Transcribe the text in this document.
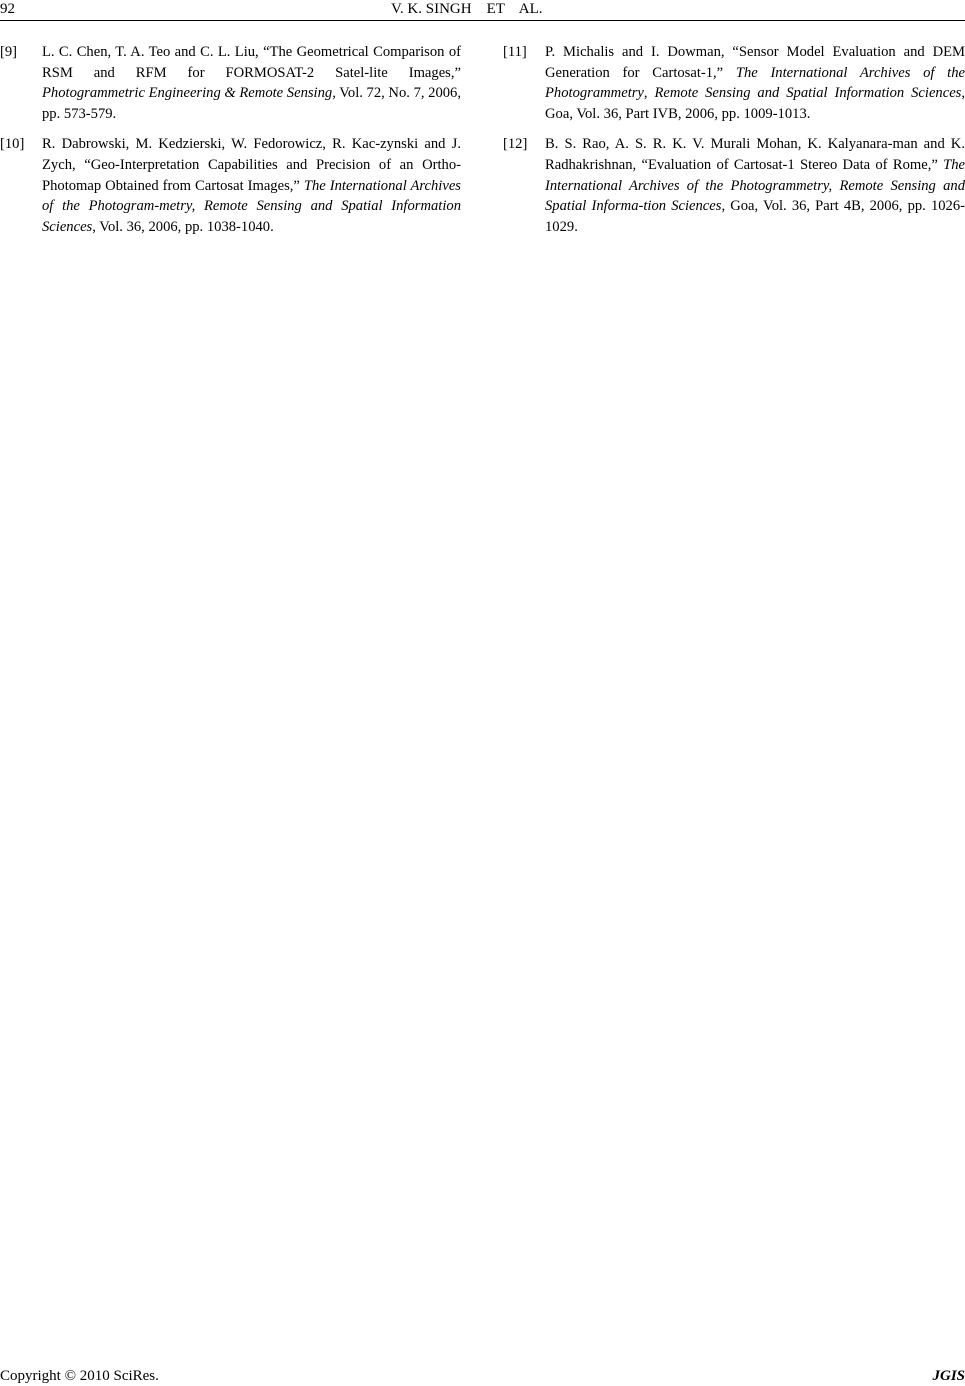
92	V. K. SINGH    ET    AL.
[9] L. C. Chen, T. A. Teo and C. L. Liu, “The Geometrical Comparison of RSM and RFM for FORMOSAT-2 Satel-lite Images,” Photogrammetric Engineering & Remote Sensing, Vol. 72, No. 7, 2006, pp. 573-579.
[10] R. Dabrowski, M. Kedzierski, W. Fedorowicz, R. Kac-zynski and J. Zych, “Geo-Interpretation Capabilities and Precision of an Ortho-Photomap Obtained from Cartosat Images,” The International Archives of the Photogram-metry, Remote Sensing and Spatial Information Sciences, Vol. 36, 2006, pp. 1038-1040.
[11] P. Michalis and I. Dowman, “Sensor Model Evaluation and DEM Generation for Cartosat-1,” The International Archives of the Photogrammetry, Remote Sensing and Spatial Information Sciences, Goa, Vol. 36, Part IVB, 2006, pp. 1009-1013.
[12] B. S. Rao, A. S. R. K. V. Murali Mohan, K. Kalyanara-man and K. Radhakrishnan, “Evaluation of Cartosat-1 Stereo Data of Rome,” The International Archives of the Photogrammetry, Remote Sensing and Spatial Informa-tion Sciences, Goa, Vol. 36, Part 4B, 2006, pp. 1026-1029.
Copyright © 2010 SciRes.	JGIS
